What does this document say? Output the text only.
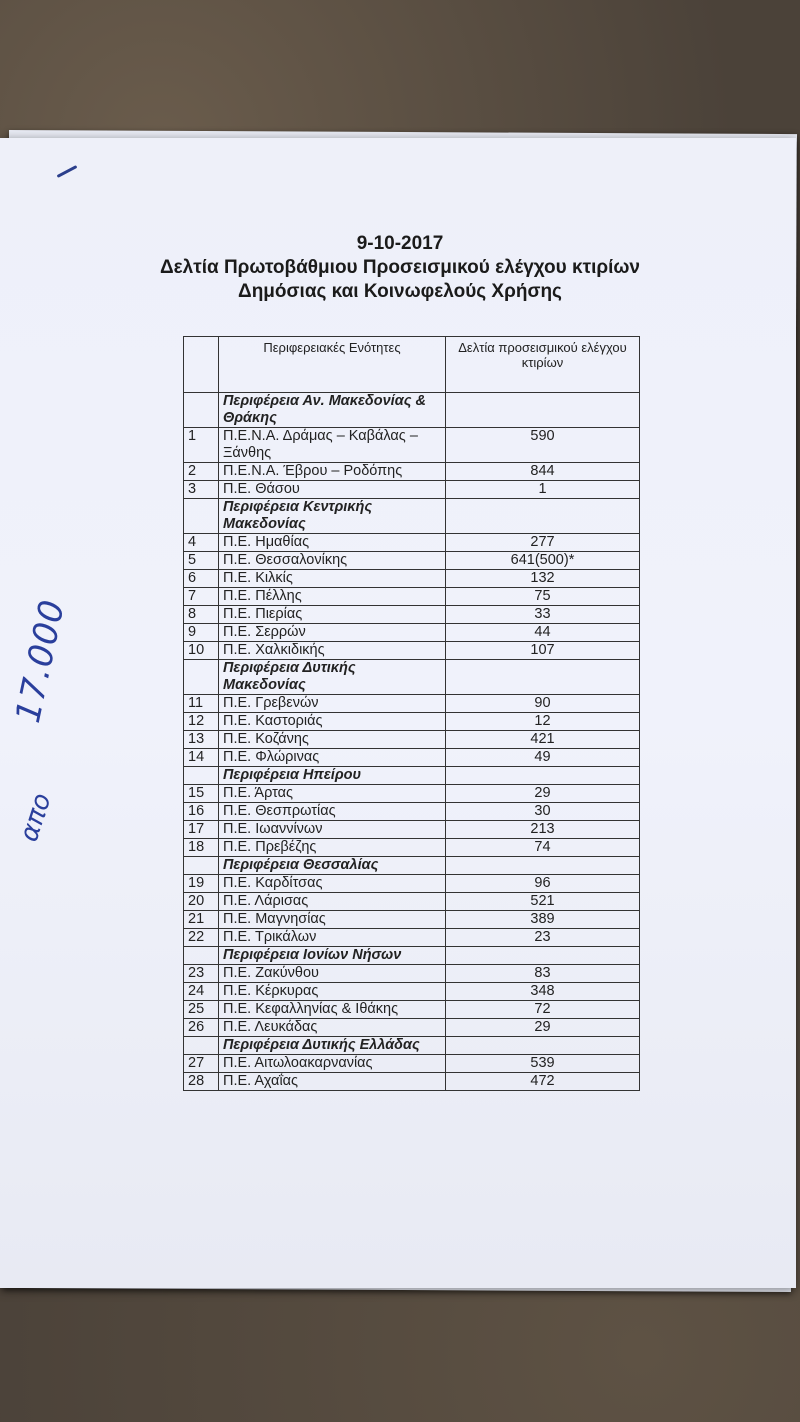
9-10-2017
Δελτία Πρωτοβάθμιου Προσεισμικού ελέγχου κτιρίων
Δημόσιας και Κοινωφελούς Χρήσης
17.000
απο
	Περιφερειακές Ενότητες	Δελτία προσεισμικού ελέγχου κτιρίων
	Περιφέρεια Αν. Μακεδονίας & Θράκης	
1	Π.Ε.Ν.Α. Δράμας – Καβάλας –Ξάνθης	590
2	Π.Ε.Ν.Α. Έβρου – Ροδόπης	844
3	Π.Ε. Θάσου	1
	Περιφέρεια Κεντρικής Μακεδονίας	
4	Π.Ε. Ημαθίας	277
5	Π.Ε. Θεσσαλονίκης	641(500)*
6	Π.Ε. Κιλκίς	132
7	Π.Ε. Πέλλης	75
8	Π.Ε. Πιερίας	33
9	Π.Ε. Σερρών	44
10	Π.Ε. Χαλκιδικής	107
	Περιφέρεια Δυτικής Μακεδονίας	
11	Π.Ε. Γρεβενών	90
12	Π.Ε. Καστοριάς	12
13	Π.Ε. Κοζάνης	421
14	Π.Ε. Φλώρινας	49
	Περιφέρεια Ηπείρου	
15	Π.Ε. Άρτας	29
16	Π.Ε. Θεσπρωτίας	30
17	Π.Ε. Ιωαννίνων	213
18	Π.Ε. Πρεβέζης	74
	Περιφέρεια Θεσσαλίας	
19	Π.Ε. Καρδίτσας	96
20	Π.Ε. Λάρισας	521
21	Π.Ε. Μαγνησίας	389
22	Π.Ε. Τρικάλων	23
	Περιφέρεια Ιονίων Νήσων	
23	Π.Ε. Ζακύνθου	83
24	Π.Ε. Κέρκυρας	348
25	Π.Ε. Κεφαλληνίας & Ιθάκης	72
26	Π.Ε. Λευκάδας	29
	Περιφέρεια Δυτικής Ελλάδας	
27	Π.Ε. Αιτωλοακαρνανίας	539
28	Π.Ε. Αχαΐας	472
